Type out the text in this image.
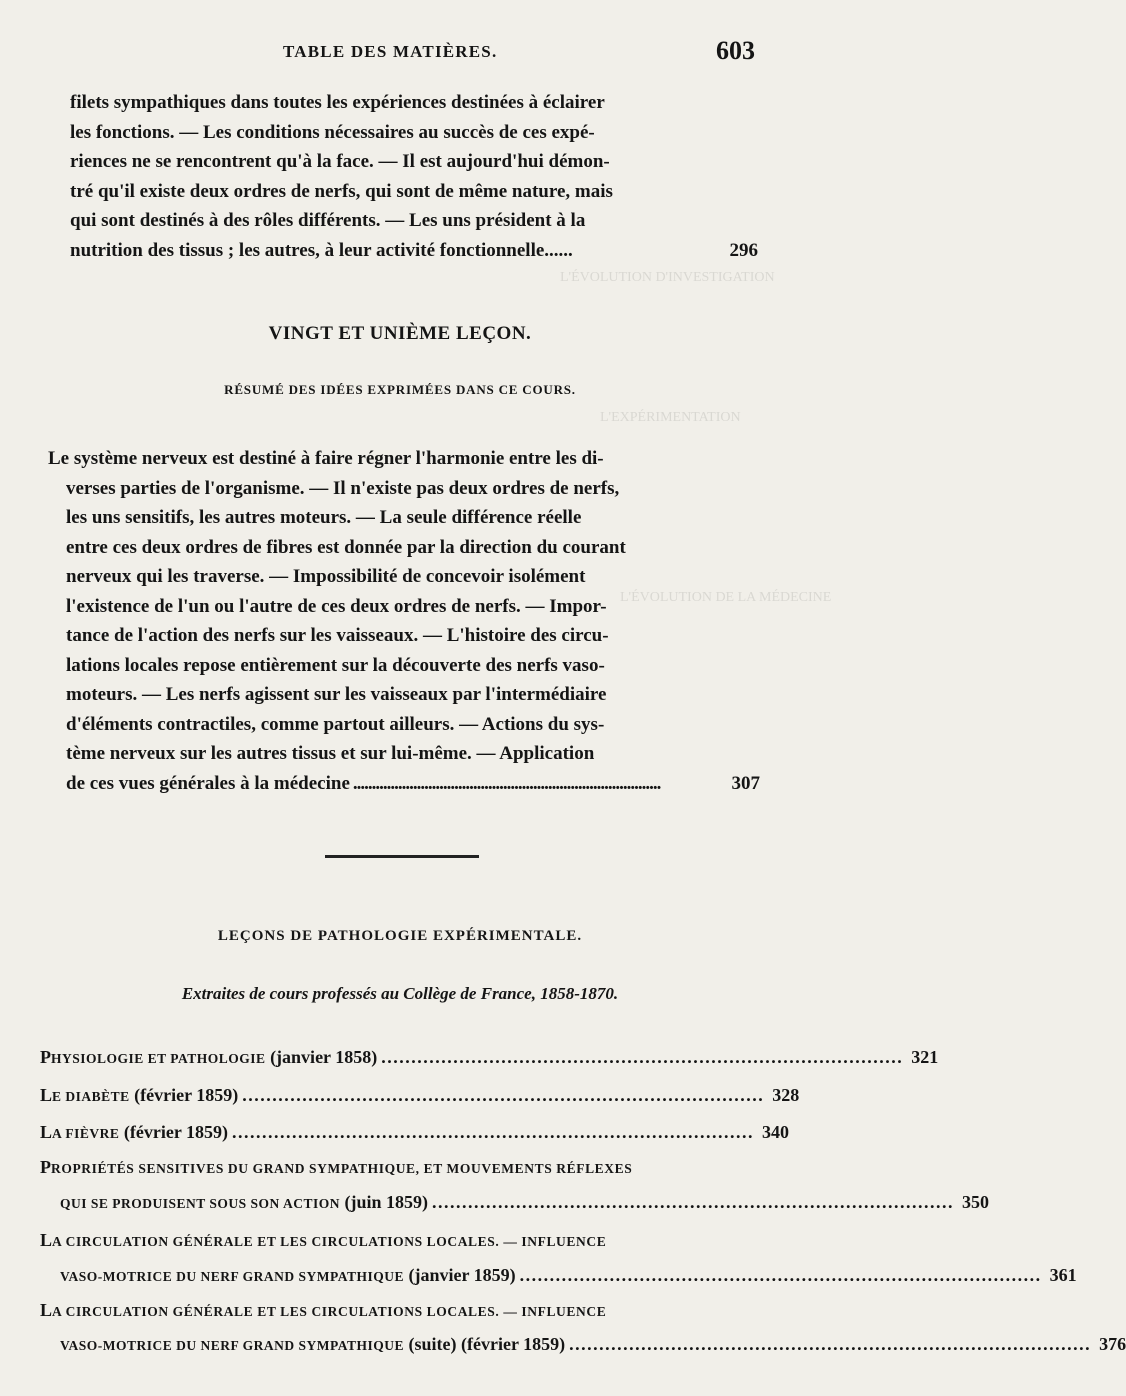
L'ÉVOLUTION D'INVESTIGATION
L'EXPÉRIMENTATION
L'ÉVOLUTION DE LA MÉDECINE
TABLE DES MATIÈRES.	603
filets sympathiques dans toutes les expériences destinées à éclairer
les fonctions. — Les conditions nécessaires au succès de ces expé-
riences ne se rencontrent qu'à la face. — Il est aujourd'hui démon-
tré qu'il existe deux ordres de nerfs, qui sont de même nature, mais
qui sont destinés à des rôles différents. — Les uns président à la

nutrition des tissus ; les autres, à leur activité fonctionnelle......	296
VINGT ET UNIÈME LEÇON.
RÉSUMÉ DES IDÉES EXPRIMÉES DANS CE COURS.
Le système nerveux est destiné à faire régner l'harmonie entre les di-
verses parties de l'organisme. — Il n'existe pas deux ordres de nerfs,
les uns sensitifs, les autres moteurs. — La seule différence réelle
entre ces deux ordres de fibres est donnée par la direction du courant
nerveux qui les traverse. — Impossibilité de concevoir isolément
l'existence de l'un ou l'autre de ces deux ordres de nerfs. — Impor-
tance de l'action des nerfs sur les vaisseaux. — L'histoire des circu-
lations locales repose entièrement sur la découverte des nerfs vaso-
moteurs. — Les nerfs agissent sur les vaisseaux par l'intermédiaire
d'éléments contractiles, comme partout ailleurs. — Actions du sys-
tème nerveux sur les autres tissus et sur lui-même. — Application

de ces vues générales à la médecine ..................................................................................	307
LEÇONS DE PATHOLOGIE EXPÉRIMENTALE.
Extraites de cours professés au Collège de France, 1858-1870.
PHYSIOLOGIE ET PATHOLOGIE (janvier 1858) . . .	321
LE DIABÈTE (février 1859) . . .	328
LA FIÈVRE (février 1859) . . .	340
PROPRIÉTÉS SENSITIVES DU GRAND SYMPATHIQUE, ET MOUVEMENTS RÉFLEXES
QUI SE PRODUISENT SOUS SON ACTION (juin 1859) . . .	350
LA CIRCULATION GÉNÉRALE ET LES CIRCULATIONS LOCALES. — INFLUENCE
VASO-MOTRICE DU NERF GRAND SYMPATHIQUE (janvier 1859) . . .	361
LA CIRCULATION GÉNÉRALE ET LES CIRCULATIONS LOCALES. — INFLUENCE
VASO-MOTRICE DU NERF GRAND SYMPATHIQUE (suite) (février 1859) . . .	376
